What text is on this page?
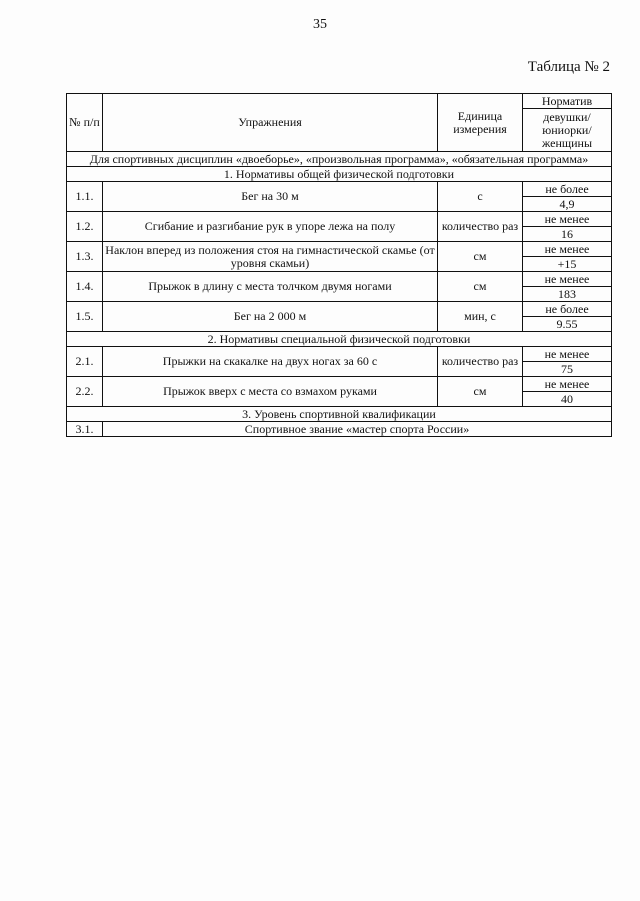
35
Таблица № 2
№ п/п	Упражнения	Единица измерения	Норматив
			девушки/ юниорки/ женщины
Для спортивных дисциплин «двоеборье», «произвольная программа», «обязательная программа»			
1. Нормативы общей физической подготовки			
1.1.	Бег на 30 м	с	не более
			4,9
1.2.	Сгибание и разгибание рук в упоре лежа на полу	количество раз	не менее
			16
1.3.	Наклон вперед из положения стоя на гимнастической скамье (от уровня скамьи)	см	не менее
			+15
1.4.	Прыжок в длину с места толчком двумя ногами	см	не менее
			183
1.5.	Бег на 2 000 м	мин, с	не более
			9.55
2. Нормативы специальной физической подготовки			
2.1.	Прыжки на скакалке на двух ногах за 60 с	количество раз	не менее
			75
2.2.	Прыжок вверх с места со взмахом руками	см	не менее
			40
3. Уровень спортивной квалификации			
3.1.	Спортивное звание «мастер спорта России»		
